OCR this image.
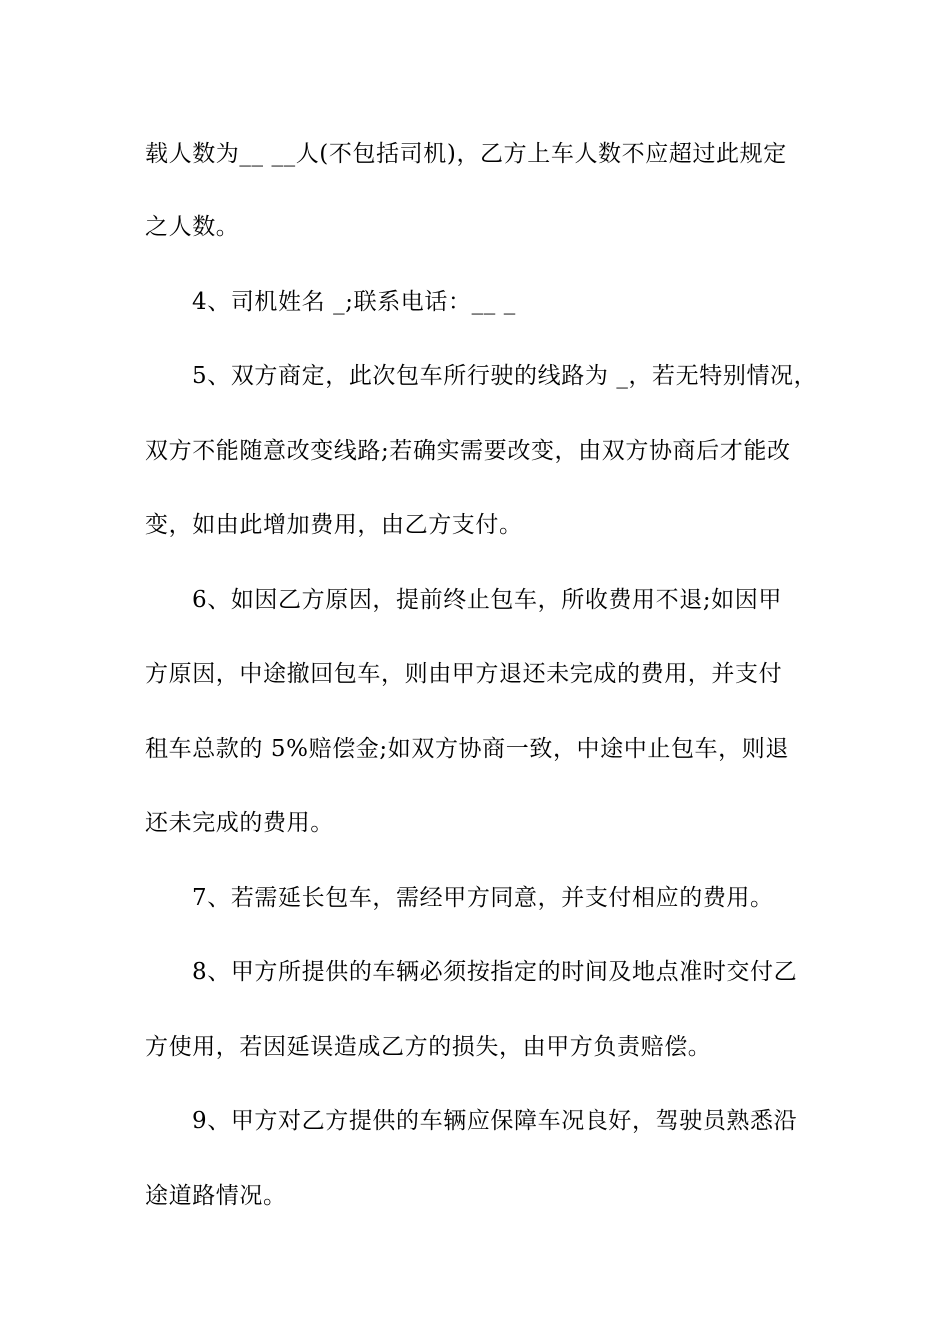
载人数为__ __人(不包括司机)，乙方上车人数不应超过此规定
之人数。
4、司机姓名 _;联系电话：__ _
5、双方商定，此次包车所行驶的线路为 _，若无特别情况，
双方不能随意改变线路;若确实需要改变，由双方协商后才能改
变，如由此增加费用，由乙方支付。
6、如因乙方原因，提前终止包车，所收费用不退;如因甲
方原因，中途撤回包车，则由甲方退还未完成的费用，并支付
租车总款的 5%赔偿金;如双方协商一致，中途中止包车，则退
还未完成的费用。
7、若需延长包车，需经甲方同意，并支付相应的费用。
8、甲方所提供的车辆必须按指定的时间及地点准时交付乙
方使用，若因延误造成乙方的损失，由甲方负责赔偿。
9、甲方对乙方提供的车辆应保障车况良好，驾驶员熟悉沿
途道路情况。
